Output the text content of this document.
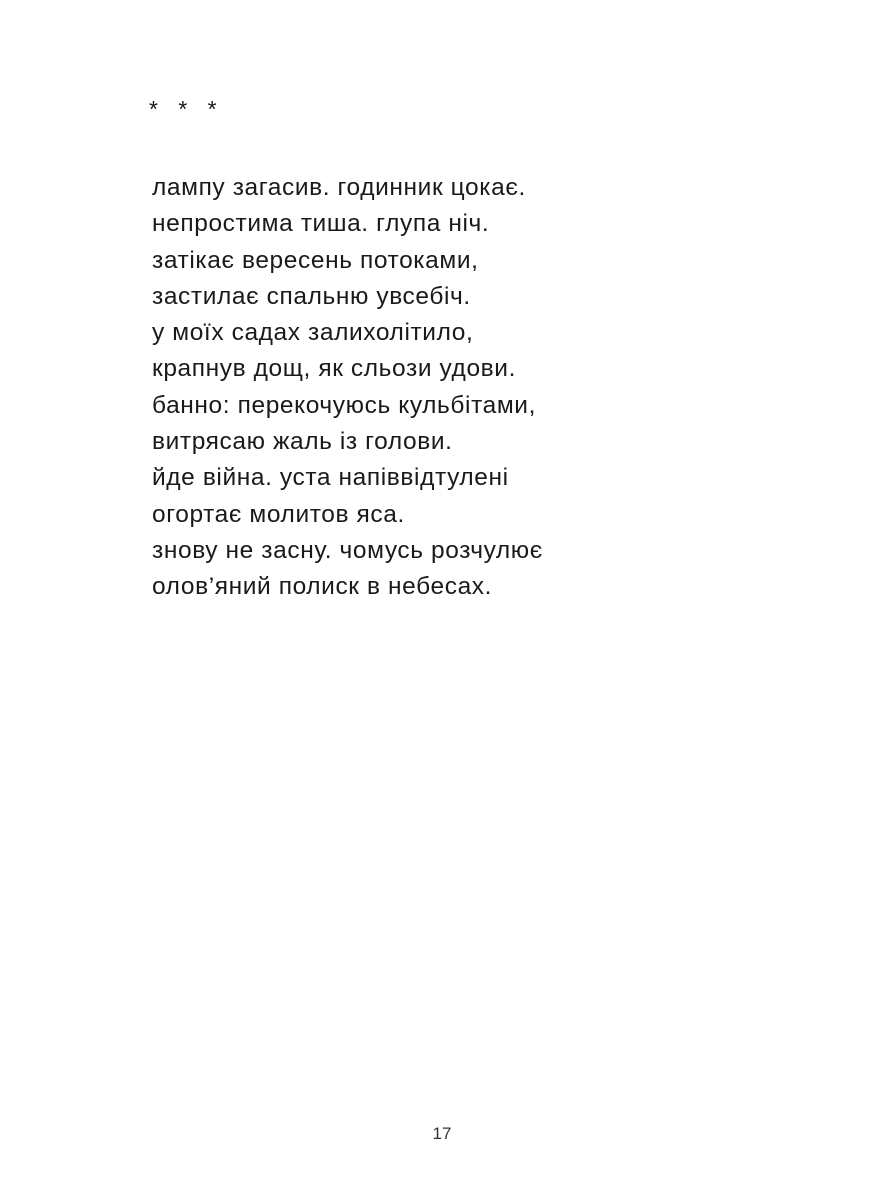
* * *
лампу загасив. годинник цокає.
непростима тиша. глупа ніч.
затікає вересень потоками,
застилає спальню увсебіч.
у моїх садах залихолітило,
крапнув дощ, як сльози удови.
банно: перекочуюсь кульбітами,
витрясаю жаль із голови.
йде війна. уста напіввідтулені
огортає молитов яса.
знову не засну. чомусь розчулює
олов’яний полиск в небесах.
17
